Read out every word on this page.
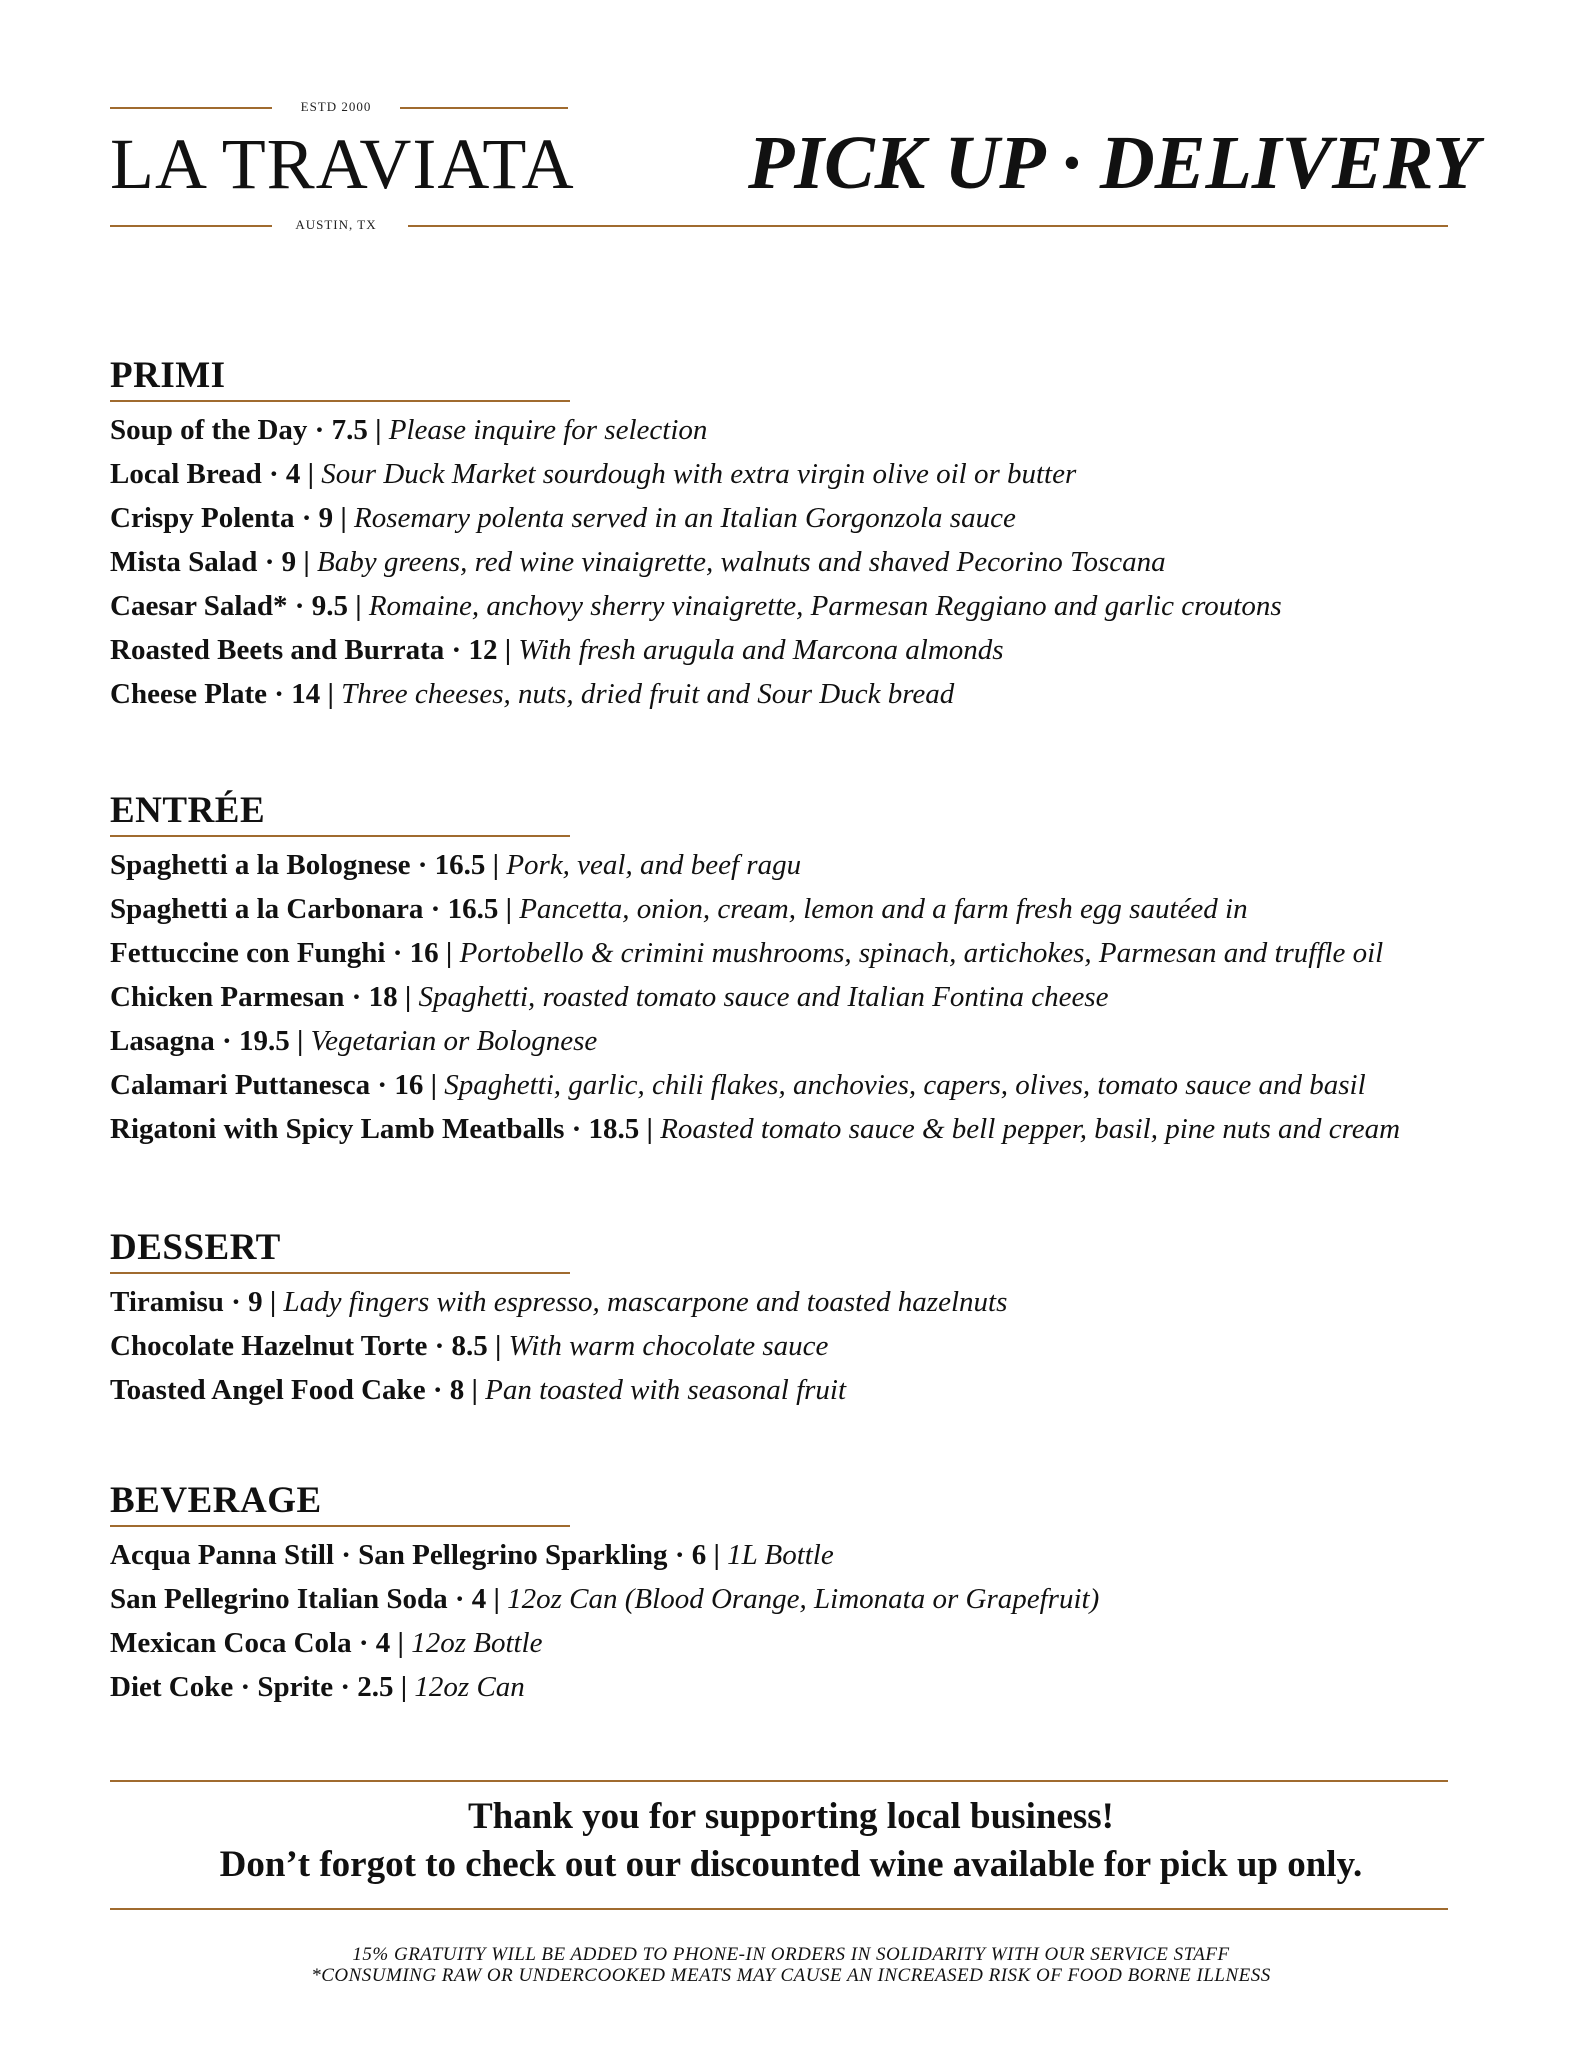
ESTD 2000
LA TRAVIATA
AUSTIN, TX
PICK UP · DELIVERY
PRIMI
Soup of the Day · 7.5 | Please inquire for selection
Local Bread · 4 | Sour Duck Market sourdough with extra virgin olive oil or butter
Crispy Polenta · 9 | Rosemary polenta served in an Italian Gorgonzola sauce
Mista Salad · 9 | Baby greens, red wine vinaigrette, walnuts and shaved Pecorino Toscana
Caesar Salad* · 9.5 | Romaine, anchovy sherry vinaigrette, Parmesan Reggiano and garlic croutons
Roasted Beets and Burrata · 12 | With fresh arugula and Marcona almonds
Cheese Plate · 14 | Three cheeses, nuts, dried fruit and Sour Duck bread
ENTRÉE
Spaghetti a la Bolognese · 16.5 | Pork, veal, and beef ragu
Spaghetti a la Carbonara · 16.5 | Pancetta, onion, cream, lemon and a farm fresh egg sautéed in
Fettuccine con Funghi · 16 | Portobello & crimini mushrooms, spinach, artichokes, Parmesan and truffle oil
Chicken Parmesan · 18 | Spaghetti, roasted tomato sauce and Italian Fontina cheese
Lasagna · 19.5 | Vegetarian or Bolognese
Calamari Puttanesca · 16 | Spaghetti, garlic, chili flakes, anchovies, capers, olives, tomato sauce and basil
Rigatoni with Spicy Lamb Meatballs · 18.5 | Roasted tomato sauce & bell pepper, basil, pine nuts and cream
DESSERT
Tiramisu · 9 | Lady fingers with espresso, mascarpone and toasted hazelnuts
Chocolate Hazelnut Torte · 8.5 | With warm chocolate sauce
Toasted Angel Food Cake · 8 | Pan toasted with seasonal fruit
BEVERAGE
Acqua Panna Still · San Pellegrino Sparkling · 6 | 1L Bottle
San Pellegrino Italian Soda · 4 | 12oz Can (Blood Orange, Limonata or Grapefruit)
Mexican Coca Cola · 4 | 12oz Bottle
Diet Coke · Sprite · 2.5 | 12oz Can
Thank you for supporting local business!
Don’t forgot to check out our discounted wine available for pick up only.
15% GRATUITY WILL BE ADDED TO PHONE-IN ORDERS IN SOLIDARITY WITH OUR SERVICE STAFF
*CONSUMING RAW OR UNDERCOOKED MEATS MAY CAUSE AN INCREASED RISK OF FOOD BORNE ILLNESS
